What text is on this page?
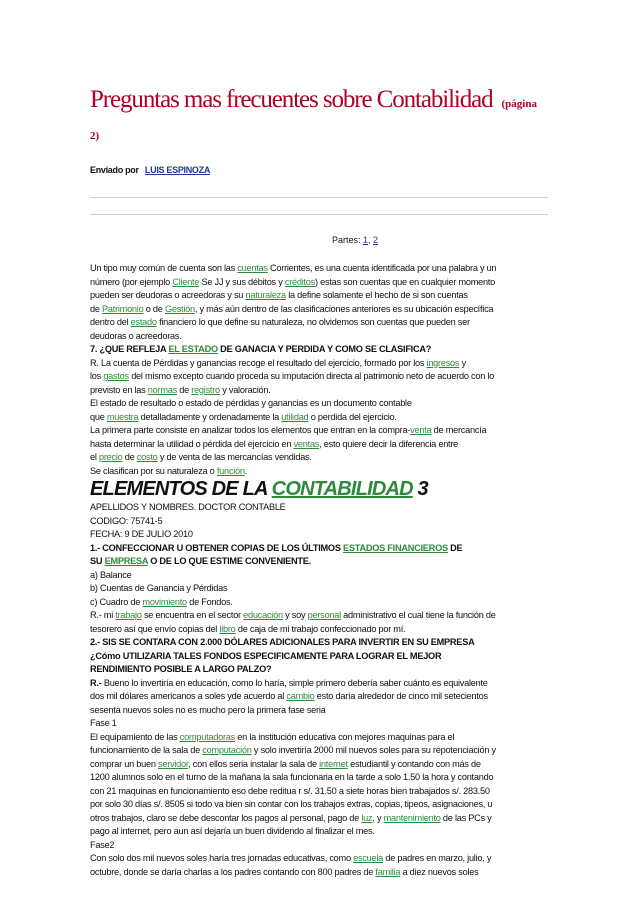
Preguntas mas frecuentes sobre Contabilidad (página 2)
Enviado por LUIS ESPINOZA
Partes: 1, 2

Un tipo muy común de cuenta son las cuentas Corrientes, es una cuenta identificada por una palabra y un

número (por ejemplo Cliente Se JJ y sus débitos y créditos) estas son cuentas que en cualquier momento

pueden ser deudoras o acreedoras y su naturaleza la define solamente el hecho de si son cuentas

de Patrimonio o de Gestión, y más aún dentro de las clasificaciones anteriores es su ubicación específica

dentro del estado financiero lo que define su naturaleza, no olvidemos son cuentas que pueden ser

deudoras o acreedoras.

7. ¿QUE REFLEJA EL ESTADO DE GANACIA Y PERDIDA Y COMO SE CLASIFICA?

R. La cuenta de Pérdidas y ganancias recoge el resultado del ejercicio, formado por los ingresos y

los gastos del mismo excepto cuando proceda su imputación directa al patrimonio neto de acuerdo con lo

previsto en las normas de registro y valoración.

El estado de resultado o estado de pérdidas y ganancias es un documento contable

que muestra detalladamente y ordenadamente la utilidad o perdida del ejercicio.

La primera parte consiste en analizar todos los elementos que entran en la compra-venta de mercancía

hasta determinar la utilidad o pérdida del ejercicio en ventas, esto quiere decir la diferencia entre

el precio de costo y de venta de las mercancías vendidas.

Se clasifican por su naturaleza o función.

ELEMENTOS DE LA CONTABILIDAD 3

APELLIDOS Y NOMBRES. DOCTOR CONTABLE

CODIGO: 75741-5

FECHA: 9 DE JULIO 2010

1.- CONFECCIONAR U OBTENER COPIAS DE LOS ÚLTIMOS ESTADOS FINANCIEROS DE

SU EMPRESA O DE LO QUE ESTIME CONVENIENTE.

a) Balance

b) Cuentas de Ganancia y Pérdidas

c) Cuadro de movimiento de Fondos.

R.- mi trabajo se encuentra en el sector educación y soy personal administrativo el cual tiene la función de

tesorero así que envío copias del libro de caja de mi trabajo confeccionado por mí.

2.- SIS SE CONTARA CON 2.000 DÓLARES ADICIONALES PARA INVERTIR EN SU EMPRESA

¿Cómo UTILIZARIA TALES FONDOS ESPECIFICAMENTE PARA LOGRAR EL MEJOR

RENDIMIENTO POSIBLE A LARGO PALZO?

R.- Bueno lo invertiría en educación, como lo haría, simple primero debería saber cuánto es equivalente

dos mil dólares americanos a soles yde acuerdo al cambio esto daría alrededor de cinco mil setecientos

sesenta nuevos soles no es mucho pero la primera fase seria

Fase 1

El equipamiento de las computadoras en la institución educativa con mejores maquinas para el

funcionamiento de la sala de computación y solo invertiría 2000 mil nuevos soles para su repotenciación y

comprar un buen servidor, con ellos seria instalar la sala de internet estudiantil y contando con más de

1200 alumnos solo en el turno de la mañana la sala funcionaria en la tarde a solo 1.50 la hora y contando

con 21 maquinas en funcionamiento eso debe reditua r s/. 31.50 a siete horas bien trabajados s/. 283.50

por solo 30 días s/. 8505 si todo va bien sin contar con los trabajos extras, copias, tipeos, asignaciones, u

otros trabajos, claro se debe descontar los pagos al personal, pago de luz, y mantenimiento de las PCs y

pago al internet, pero aun así dejaría un buen dividendo al finalizar el mes.

Fase2

Con solo dos mil nuevos soles haría tres jornadas educativas, como escuela de padres en marzo, julio, y

octubre, donde se daría charlas a los padres contando con 800 padres de familia a diez nuevos soles
